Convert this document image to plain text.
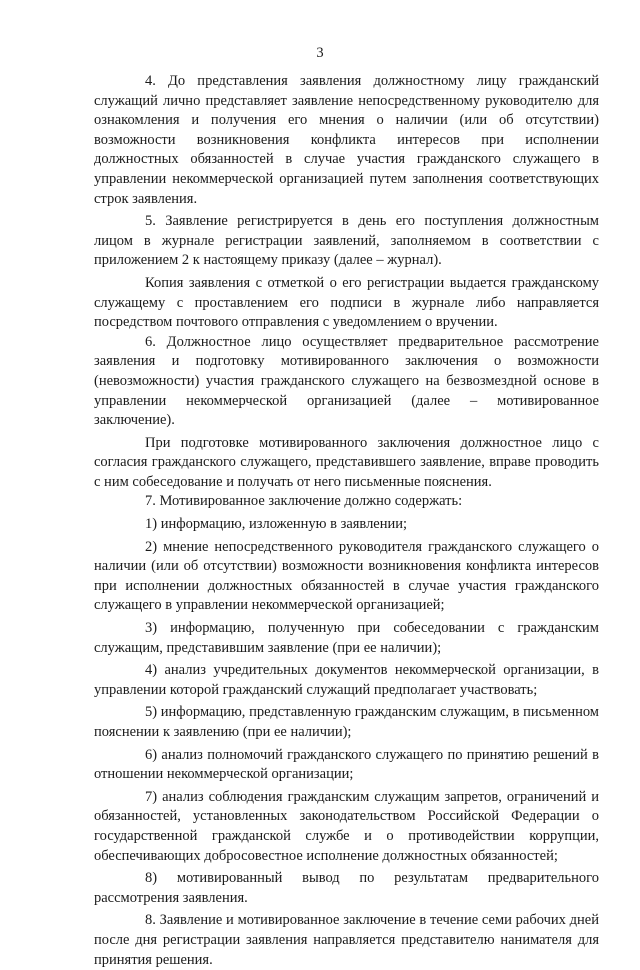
3

4. До представления заявления должностному лицу гражданский служащий лично представляет заявление непосредственному руководителю для ознакомления и получения его мнения о наличии (или об отсутствии) возможности возникновения конфликта интересов при исполнении должностных обязанностей в случае участия гражданского служащего в управлении некоммерческой организацией путем заполнения соответствующих строк заявления.

5. Заявление регистрируется в день его поступления должностным лицом в журнале регистрации заявлений, заполняемом в соответствии с приложением 2 к настоящему приказу (далее – журнал).

Копия заявления с отметкой о его регистрации выдается гражданскому служащему с проставлением его подписи в журнале либо направляется посредством почтового отправления с уведомлением о вручении.

6. Должностное лицо осуществляет предварительное рассмотрение заявления и подготовку мотивированного заключения о возможности (невозможности) участия гражданского служащего на безвозмездной основе в управлении некоммерческой организацией (далее – мотивированное заключение).

При подготовке мотивированного заключения должностное лицо с согласия гражданского служащего, представившего заявление, вправе проводить с ним собеседование и получать от него письменные пояснения.

7. Мотивированное заключение должно содержать:

1) информацию, изложенную в заявлении;

2) мнение непосредственного руководителя гражданского служащего о наличии (или об отсутствии) возможности возникновения конфликта интересов при исполнении должностных обязанностей в случае участия гражданского служащего в управлении некоммерческой организацией;

3) информацию, полученную при собеседовании с гражданским служащим, представившим заявление (при ее наличии);

4) анализ учредительных документов некоммерческой организации, в управлении которой гражданский служащий предполагает участвовать;

5) информацию, представленную гражданским служащим, в письменном пояснении к заявлению (при ее наличии);

6) анализ полномочий гражданского служащего по принятию решений в отношении некоммерческой организации;

7) анализ соблюдения гражданским служащим запретов, ограничений и обязанностей, установленных законодательством Российской Федерации о государственной гражданской службе и о противодействии коррупции, обеспечивающих добросовестное исполнение должностных обязанностей;

8) мотивированный вывод по результатам предварительного рассмотрения заявления.

8. Заявление и мотивированное заключение в течение семи рабочих дней после дня регистрации заявления направляется представителю нанимателя для принятия решения.
